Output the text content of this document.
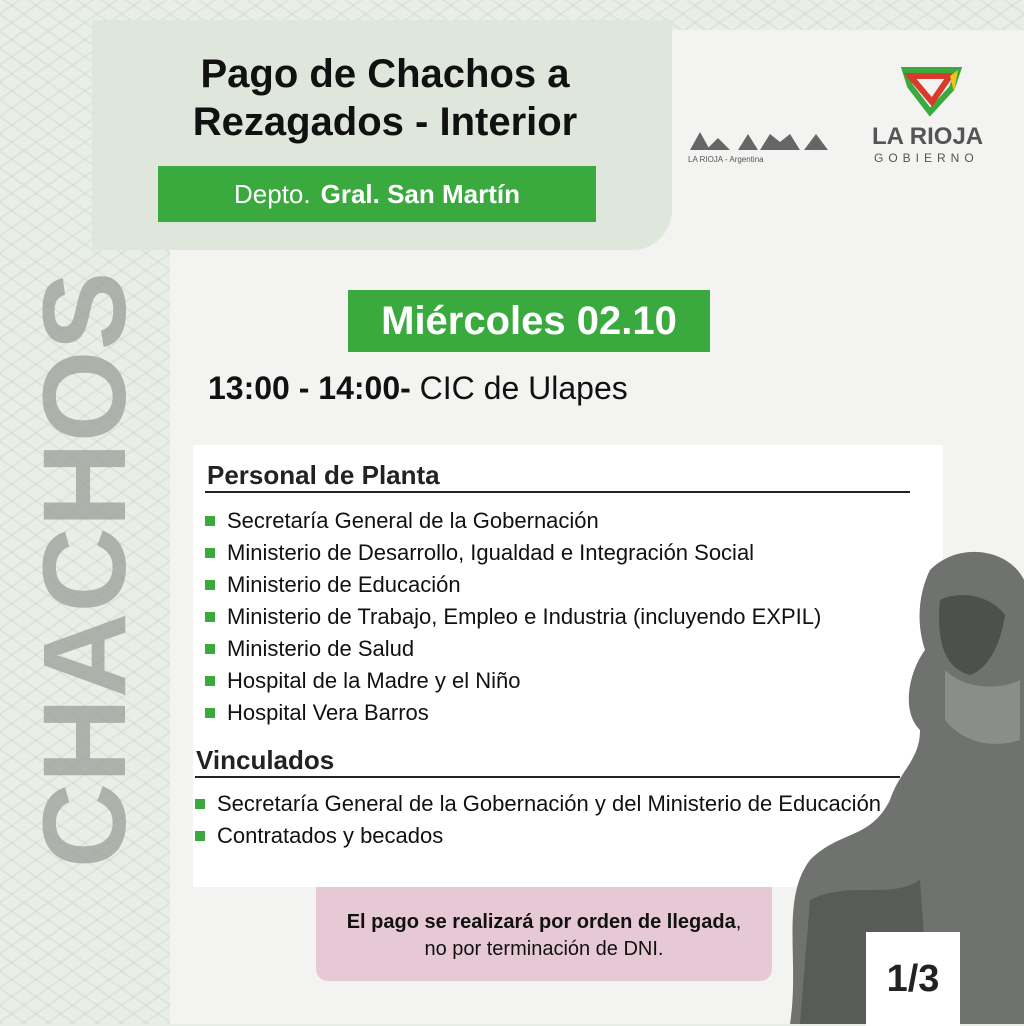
Pago de Chachos a
Rezagados - Interior
Depto. Gral. San Martín
LA RIOJA - Argentina
LA RIOJA
GOBIERNO
CHACHOS	Miércoles 02.10
13:00 - 14:00- CIC de Ulapes
Personal de Planta
Secretaría General de la Gobernación
Ministerio de Desarrollo, Igualdad e Integración Social
Ministerio de Educación
Ministerio de Trabajo, Empleo e Industria (incluyendo EXPIL)
Ministerio de Salud
Hospital de la Madre y el Niño
Hospital Vera Barros
Vinculados
Secretaría General de la Gobernación y del Ministerio de Educación
Contratados y becados
El pago se realizará por orden de llegada,
no por terminación de DNI.
1/3
